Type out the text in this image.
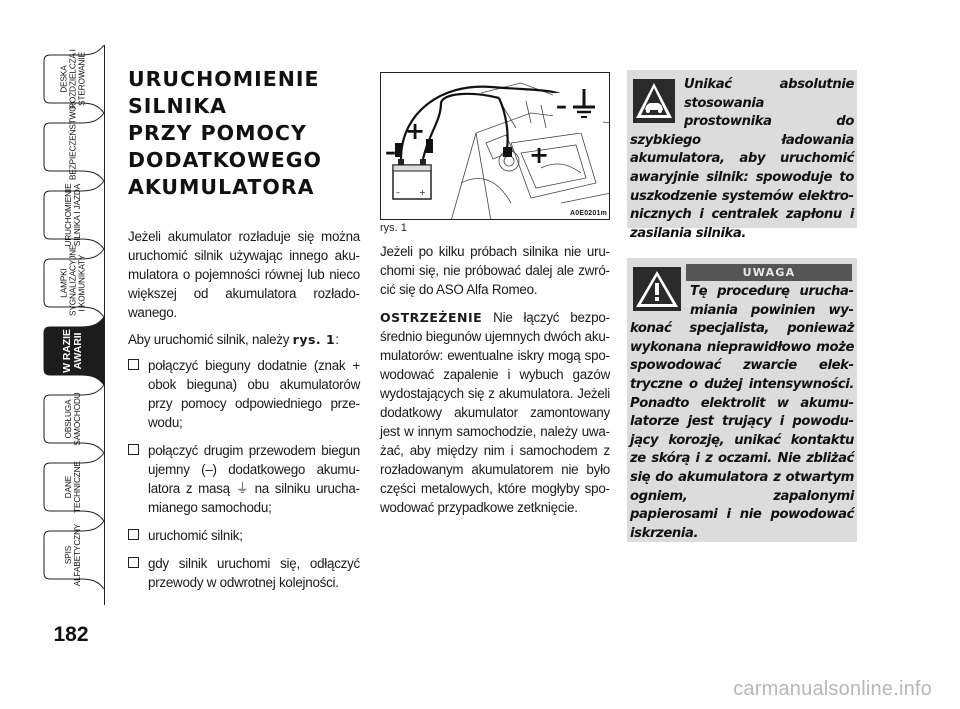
DESKA
ROZDZIELCZA I
STEROWANIE
BEZPIECZEŃSTWO
URUCHOMIENIE
SILNIKA I JAZDA
LAMPKI
SYGNALIZACYJNE
I KOMUNIKATY
W RAZIE
AWARII
OBSŁUGA
SAMOCHODU
DANE
TECHNICZNE
SPIS
ALFABETYCZNY
182
URUCHOMIENIE
SILNIKA
PRZY POMOCY
DODATKOWEGO
AKUMULATORA

Jeżeli akumulator rozładuje się można uruchomić silnik używając innego akumulatora o pojemności równej lub nieco większej od akumulatora rozładowanego.

Aby uruchomić silnik, należy rys. 1:

połączyć bieguny dodatnie (znak + obok bieguna) obu akumulatorów przy pomocy odpowiedniego przewodu;
połączyć drugim przewodem biegun ujemny (–) dodatkowego akumulatora z masą ⏚ na silniku uruchamianego samochodu;
uruchomić silnik;
gdy silnik uruchomi się, odłączyć przewody w odwrotnej kolejności.
– +
–
+
+
–
A0E0201m
rys. 1

Jeżeli po kilku próbach silnika nie uruchomi się, nie próbować dalej ale zwrócić się do ASO Alfa Romeo.

OSTRZEŻENIE Nie łączyć bezpośrednio biegunów ujemnych dwóch akumulatorów: ewentualne iskry mogą spowodować zapalenie i wybuch gazów wydostających się z akumulatora. Jeżeli dodatkowy akumulator zamontowany jest w innym samochodzie, należy uważać, aby między nim i samochodem z rozładowanym akumulatorem nie było części metalowych, które mogłyby spowodować przypadkowe zetknięcie.

Unikać absolutnie stosowania prostownika do szybkiego ładowania akumulatora, aby uruchomić awaryjnie silnik: spowoduje to uszkodzenie systemów elektronicznych i centralek zapłonu i zasilania silnika.

UWAGA

Tę procedurę uruchamiania powinien wykonać specjalista, ponieważ wykonana nieprawidłowo może spowodować zwarcie elektryczne o dużej intensywności. Ponadto elektrolit w akumulatorze jest trujący i powodujący korozję, unikać kontaktu ze skórą i z oczami. Nie zbliżać się do akumulatora z otwartym ogniem, zapalonymi papierosami i nie powodować iskrzenia.

carmanualsonline.info
